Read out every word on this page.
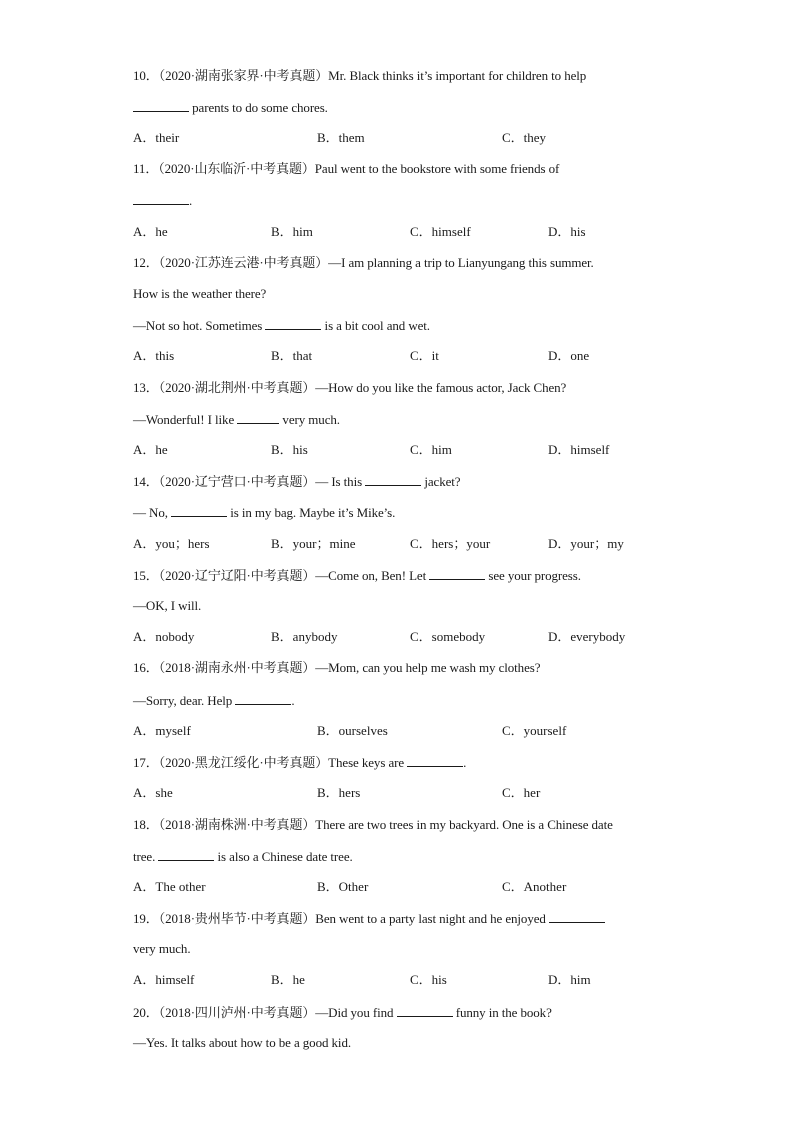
10．（2020·湖南张家界·中考真题）Mr. Black thinks it’s important for children to help
parents to do some chores.
A．their	B．them	C．they
11．（2020·山东临沂·中考真题）Paul went to the bookstore with some friends of
.
A．he	B．him	C．himself	D．his
12．（2020·江苏连云港·中考真题）—I am planning a trip to Lianyungang this summer.
How is the weather there?
—Not so hot. Sometimes	is a bit cool and wet.
A．this	B．that	C．it	D．one
13．（2020·湖北荆州·中考真题）—How do you like the famous actor, Jack Chen?
—Wonderful! I like	very much.
A．he	B．his	C．him	D．himself
14．（2020·辽宁营口·中考真题）— Is this	jacket?
— No,	is in my bag. Maybe it’s Mike’s.
A．you；hers	B．your；mine	C．hers；your	D．your；my
15．（2020·辽宁辽阳·中考真题）—Come on, Ben! Let	see your progress.
—OK, I will.
A．nobody	B．anybody	C．somebody	D．everybody
16．（2018·湖南永州·中考真题）—Mom, can you help me wash my clothes?
—Sorry, dear. Help	.
A．myself	B．ourselves	C．yourself
17．（2020·黑龙江绥化·中考真题）These keys are	.
A．she	B．hers	C．her
18．（2018·湖南株洲·中考真题）There are two trees in my backyard. One is a Chinese date
tree.	is also a Chinese date tree.
A．The other	B．Other	C．Another
19．（2018·贵州毕节·中考真题）Ben went to a party last night and he enjoyed
very much.
A．himself	B．he	C．his	D．him
20．（2018·四川泸州·中考真题）—Did you find	funny in the book?
—Yes. It talks about how to be a good kid.
